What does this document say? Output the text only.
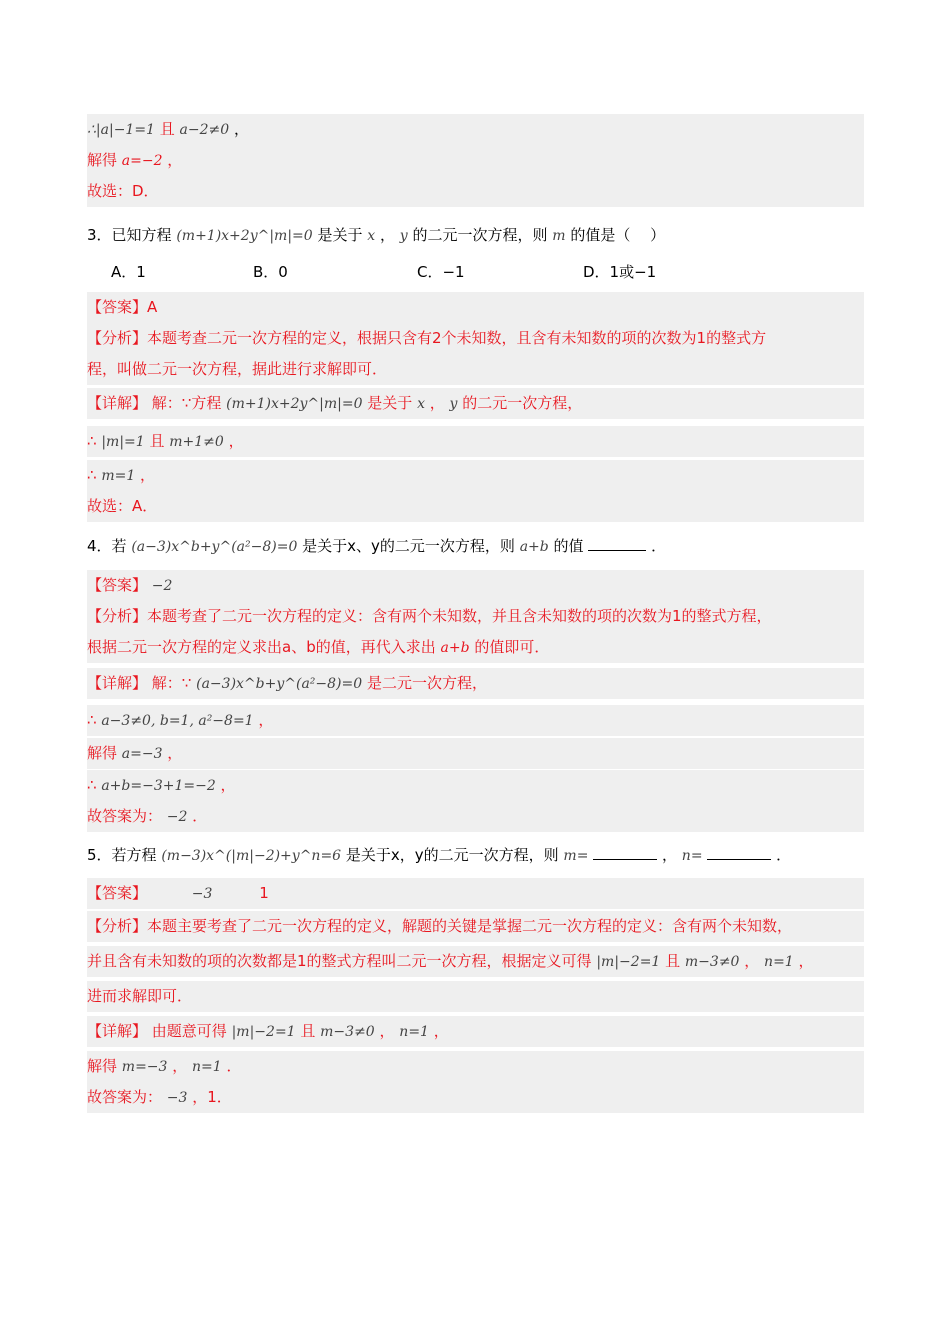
∴|a|−1=1 且 a−2≠0 ，
解得 a=−2 ，
故选：D．
3．已知方程 (m+1)x+2y^|m|=0 是关于 x ， y 的二元一次方程，则 m 的值是（　 ）
A．1	B．0	C．−1	D．1或−1
【答案】A
【分析】本题考查二元一次方程的定义，根据只含有2个未知数，且含有未知数的项的次数为1的整式方
程，叫做二元一次方程，据此进行求解即可．
【详解】 解：∵方程 (m+1)x+2y^|m|=0 是关于 x ， y 的二元一次方程，
∴ |m|=1 且 m+1≠0 ，
∴ m=1 ，
故选：A．
4．若 (a−3)x^b+y^(a²−8)=0 是关于x、y的二元一次方程，则 a+b 的值	．
【答案】 −2
【分析】本题考查了二元一次方程的定义：含有两个未知数，并且含未知数的项的次数为1的整式方程，
根据二元一次方程的定义求出a、b的值，再代入求出 a+b 的值即可．
【详解】 解：∵ (a−3)x^b+y^(a²−8)=0 是二元一次方程，
∴ a−3≠0, b=1, a²−8=1 ，
解得 a=−3 ，
∴ a+b=−3+1=−2 ，
故答案为： −2 ．
5．若方程 (m−3)x^(|m|−2)+y^n=6 是关于x，y的二元一次方程，则 m=	， n=	．
【答案】	−3	1
【分析】本题主要考查了二元一次方程的定义，解题的关键是掌握二元一次方程的定义：含有两个未知数，
并且含有未知数的项的次数都是1的整式方程叫二元一次方程，根据定义可得 |m|−2=1 且 m−3≠0 ， n=1 ，
进而求解即可．
【详解】 由题意可得 |m|−2=1 且 m−3≠0 ， n=1 ，
解得 m=−3 ， n=1 ．
故答案为： −3 ，1．
